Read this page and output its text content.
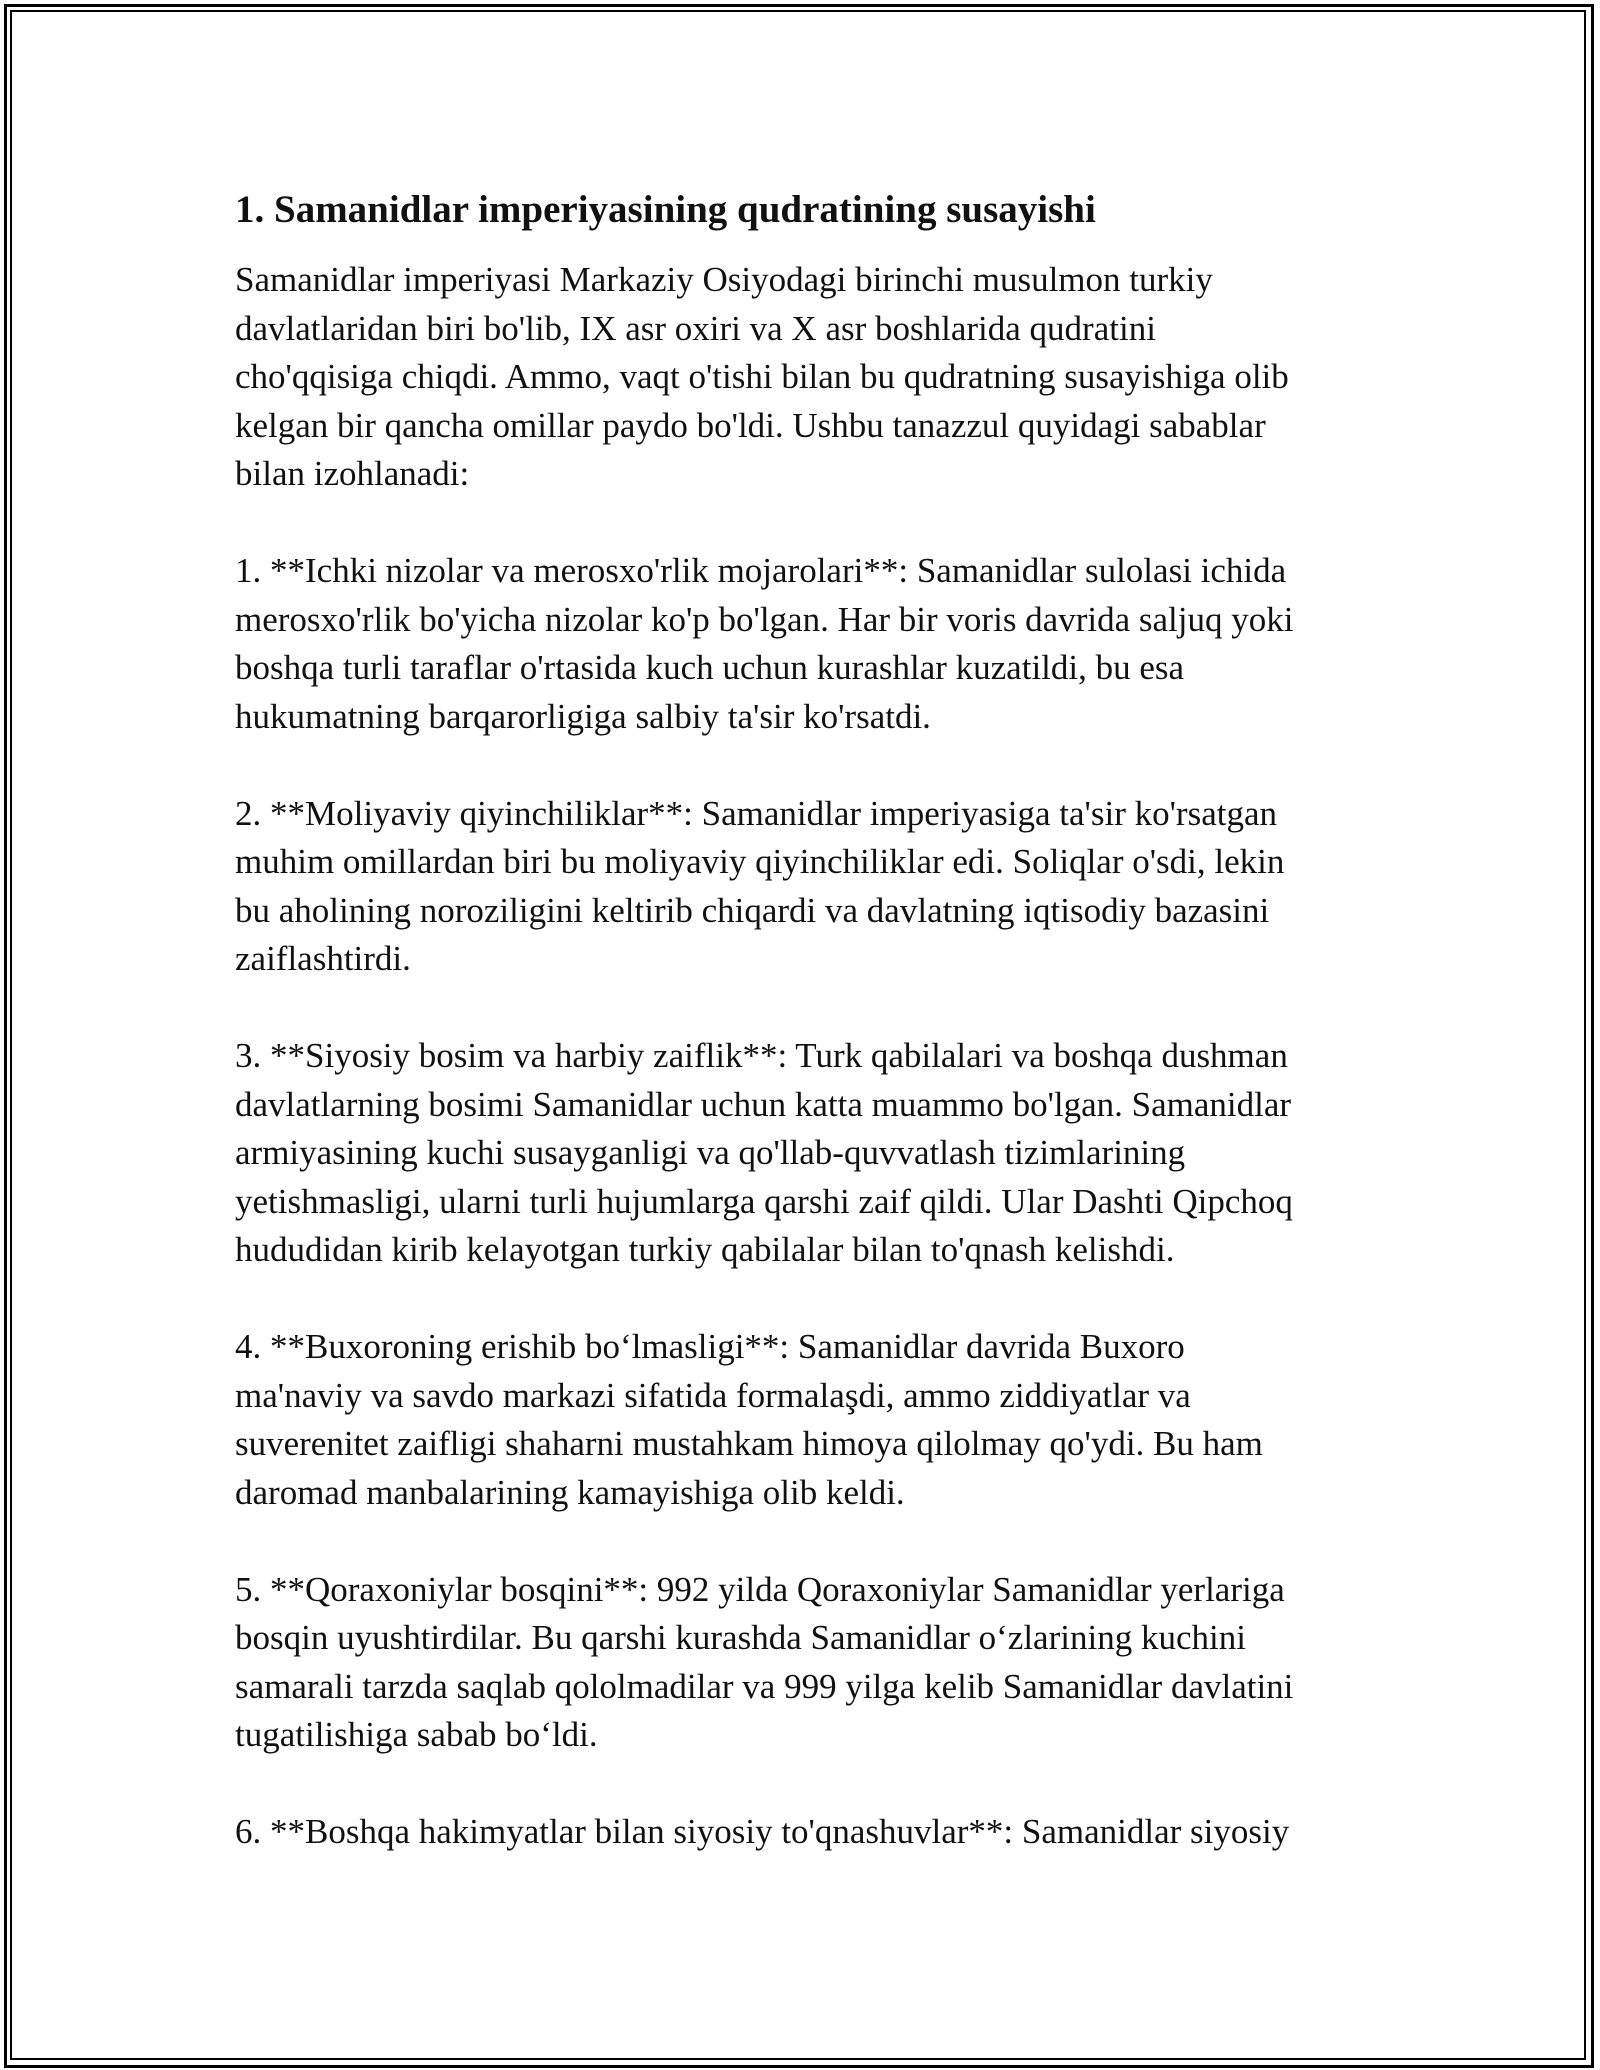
1. Samanidlar imperiyasining qudratining susayishi
Samanidlar imperiyasi Markaziy Osiyodagi birinchi musulmon turkiy
davlatlaridan biri bo'lib, IX asr oxiri va X asr boshlarida qudratini
cho'qqisiga chiqdi. Ammo, vaqt o'tishi bilan bu qudratning susayishiga olib
kelgan bir qancha omillar paydo bo'ldi. Ushbu tanazzul quyidagi sabablar
bilan izohlanadi:
1. **Ichki nizolar va merosxo'rlik mojarolari**: Samanidlar sulolasi ichida
merosxo'rlik bo'yicha nizolar ko'p bo'lgan. Har bir voris davrida saljuq yoki
boshqa turli taraflar o'rtasida kuch uchun kurashlar kuzatildi, bu esa
hukumatning barqarorligiga salbiy ta'sir ko'rsatdi.
2. **Moliyaviy qiyinchiliklar**: Samanidlar imperiyasiga ta'sir ko'rsatgan
muhim omillardan biri bu moliyaviy qiyinchiliklar edi. Soliqlar o'sdi, lekin
bu aholining noroziligini keltirib chiqardi va davlatning iqtisodiy bazasini
zaiflashtirdi.
3. **Siyosiy bosim va harbiy zaiflik**: Turk qabilalari va boshqa dushman
davlatlarning bosimi Samanidlar uchun katta muammo bo'lgan. Samanidlar
armiyasining kuchi susayganligi va qo'llab-quvvatlash tizimlarining
yetishmasligi, ularni turli hujumlarga qarshi zaif qildi. Ular Dashti Qipchoq
hududidan kirib kelayotgan turkiy qabilalar bilan to'qnash kelishdi.
4. **Buxoroning erishib bo‘lmasligi**: Samanidlar davrida Buxoro
ma'naviy va savdo markazi sifatida formalaşdi, ammo ziddiyatlar va
suverenitet zaifligi shaharni mustahkam himoya qilolmay qo'ydi. Bu ham
daromad manbalarining kamayishiga olib keldi.
5. **Qoraxoniylar bosqini**: 992 yilda Qoraxoniylar Samanidlar yerlariga
bosqin uyushtirdilar. Bu qarshi kurashda Samanidlar o‘zlarining kuchini
samarali tarzda saqlab qololmadilar va 999 yilga kelib Samanidlar davlatini
tugatilishiga sabab bo‘ldi.
6. **Boshqa hakimyatlar bilan siyosiy to'qnashuvlar**: Samanidlar siyosiy
